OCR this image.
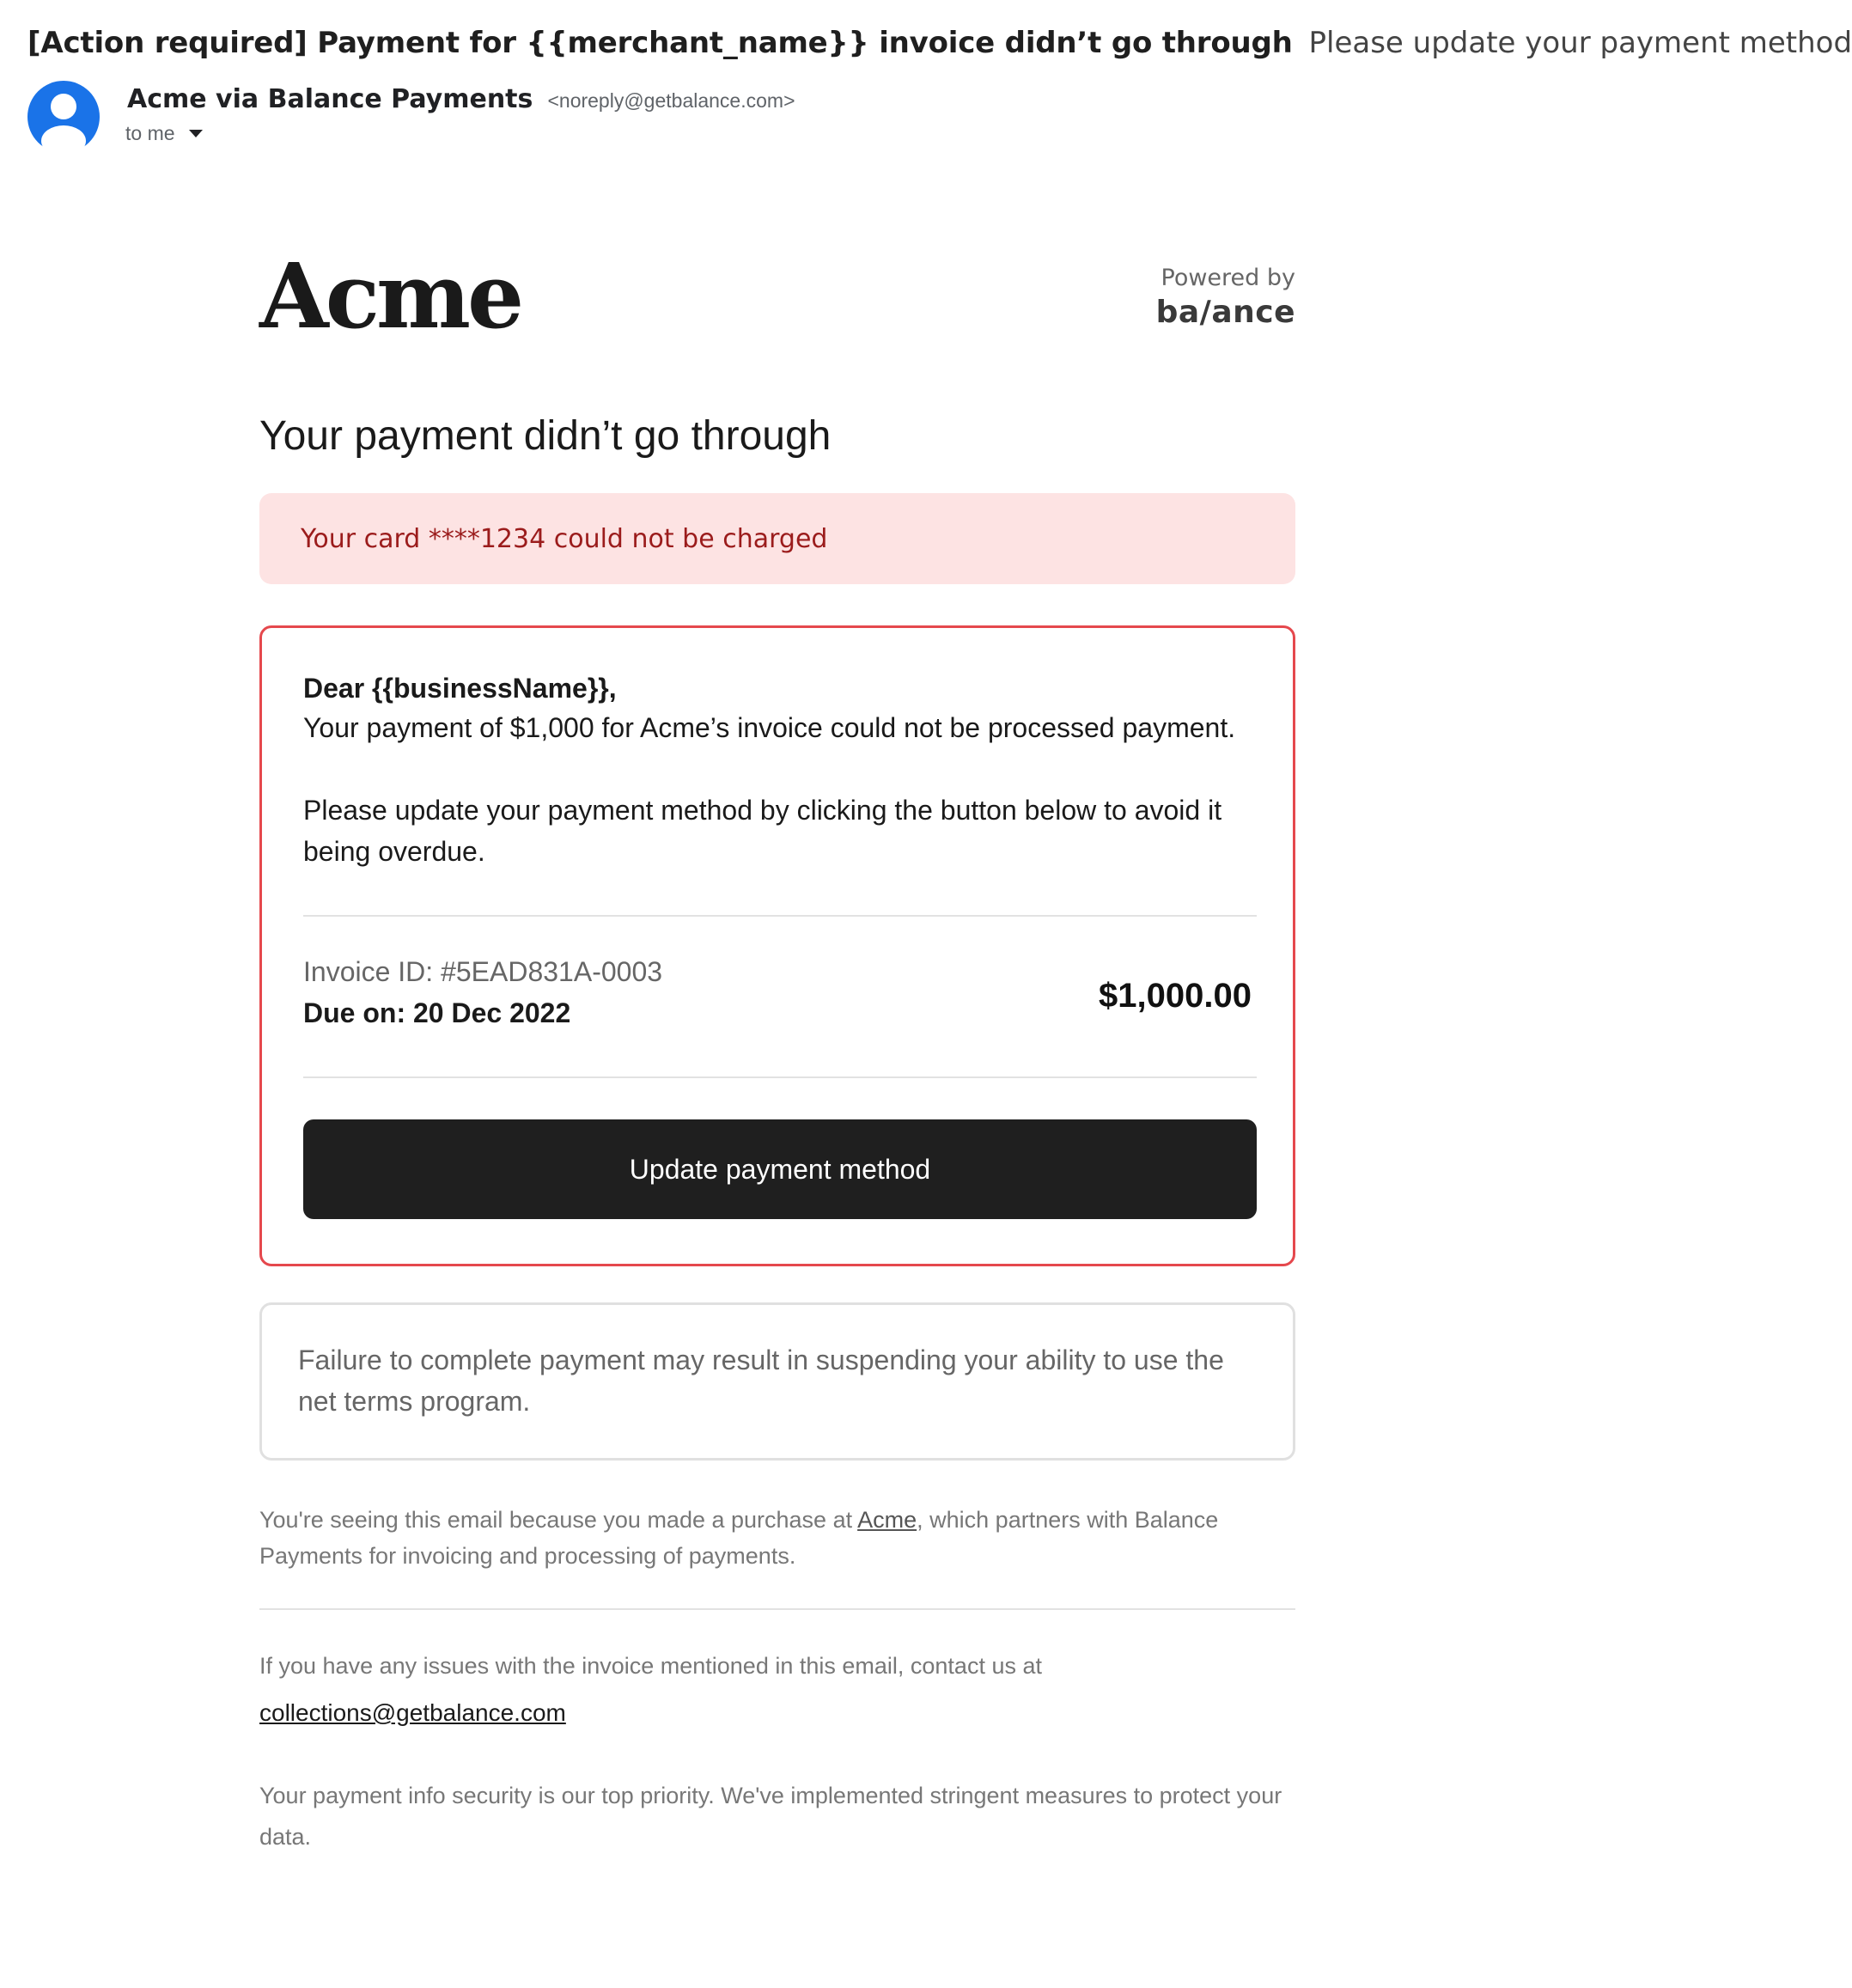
[Action required] Payment for {{merchant_name}} invoice didn’t go through Please update your payment method
Acme via Balance Payments <noreply@getbalance.com>
to me
Acme	Powered by
ba/ance
Your payment didn’t go through
Your card ****1234 could not be charged
Dear {{businessName}},
Your payment of $1,000 for Acme’s invoice could not be processed payment.
Please update your payment method by clicking the button below to avoid it being overdue.
Invoice ID: #5EAD831A-0003
Due on: 20 Dec 2022	$1,000.00
Update payment method
Failure to complete payment may result in suspending your ability to use the net terms program.
You're seeing this email because you made a purchase at Acme, which partners with Balance Payments for invoicing and processing of payments.
If you have any issues with the invoice mentioned in this email, contact us at
collections@getbalance.com
Your payment info security is our top priority. We've implemented stringent measures to protect your data.
